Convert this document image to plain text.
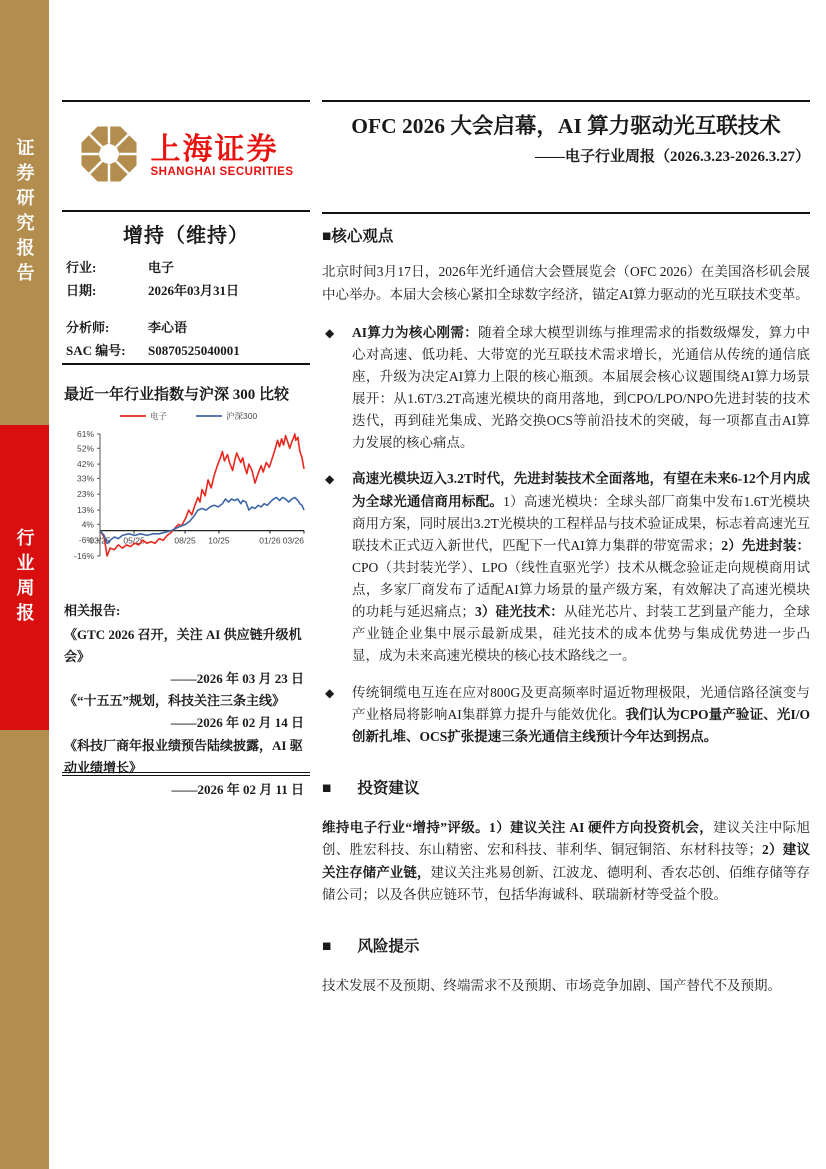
证券研究报告
行业周报
上海证券
SHANGHAI SECURITIES
增持（维持）
行业:	电子
日期:	2026年03月31日
分析师:	李心语
SAC 编号:	S0870525040001
最近一年行业指数与沪深 300 比较
61%
52%
42%
33%
23%
13%
4%
-6%
-16%
03/25 05/25	08/25 10/25	01/26 03/26
电子	沪深300
相关报告:
《GTC 2026 召开，关注 AI 供应链升级机会》
——2026 年 03 月 23 日
《“十五五”规划，科技关注三条主线》
——2026 年 02 月 14 日
《科技厂商年报业绩预告陆续披露，AI 驱动业绩增长》
——2026 年 02 月 11 日
OFC 2026 大会启幕，AI 算力驱动光互联技术
——电子行业周报（2026.3.23-2026.3.27）
■核心观点

北京时间3月17日，2026年光纤通信大会暨展览会（OFC 2026）在美国洛杉矶会展中心举办。本届大会核心紧扣全球数字经济，锚定AI算力驱动的光互联技术变革。

◆	AI算力为核心刚需：随着全球大模型训练与推理需求的指数级爆发，算力中心对高速、低功耗、大带宽的光互联技术需求增长，光通信从传统的通信底座，升级为决定AI算力上限的核心瓶颈。本届展会核心议题围绕AI算力场景展开：从1.6T/3.2T高速光模块的商用落地，到CPO/LPO/NPO先进封装的技术迭代，再到硅光集成、光路交换OCS等前沿技术的突破，每一项都直击AI算力发展的核心痛点。
◆	高速光模块迈入3.2T时代，先进封装技术全面落地，有望在未来6-12个月内成为全球光通信商用标配。1）高速光模块：全球头部厂商集中发布1.6T光模块商用方案，同时展出3.2T光模块的工程样品与技术验证成果，标志着高速光互联技术正式迈入新世代，匹配下一代AI算力集群的带宽需求；2）先进封装：CPO（共封装光学）、LPO（线性直驱光学）技术从概念验证走向规模商用试点，多家厂商发布了适配AI算力场景的量产级方案，有效解决了高速光模块的功耗与延迟痛点；3）硅光技术：从硅光芯片、封装工艺到量产能力，全球产业链企业集中展示最新成果，硅光技术的成本优势与集成优势进一步凸显，成为未来高速光模块的核心技术路线之一。
◆	传统铜缆电互连在应对800G及更高频率时逼近物理极限，光通信路径演变与产业格局将影响AI集群算力提升与能效优化。我们认为CPO量产验证、光I/O创新扎堆、OCS扩张提速三条光通信主线预计今年达到拐点。
■ 投资建议

维持电子行业“增持”评级。1）建议关注 AI 硬件方向投资机会，建议关注中际旭创、胜宏科技、东山精密、宏和科技、菲利华、铜冠铜箔、东材科技等；2）建议关注存储产业链，建议关注兆易创新、江波龙、德明利、香农芯创、佰维存储等存储公司；以及各供应链环节，包括华海诚科、联瑞新材等受益个股。

■ 风险提示

技术发展不及预期、终端需求不及预期、市场竞争加剧、国产替代不及预期。
